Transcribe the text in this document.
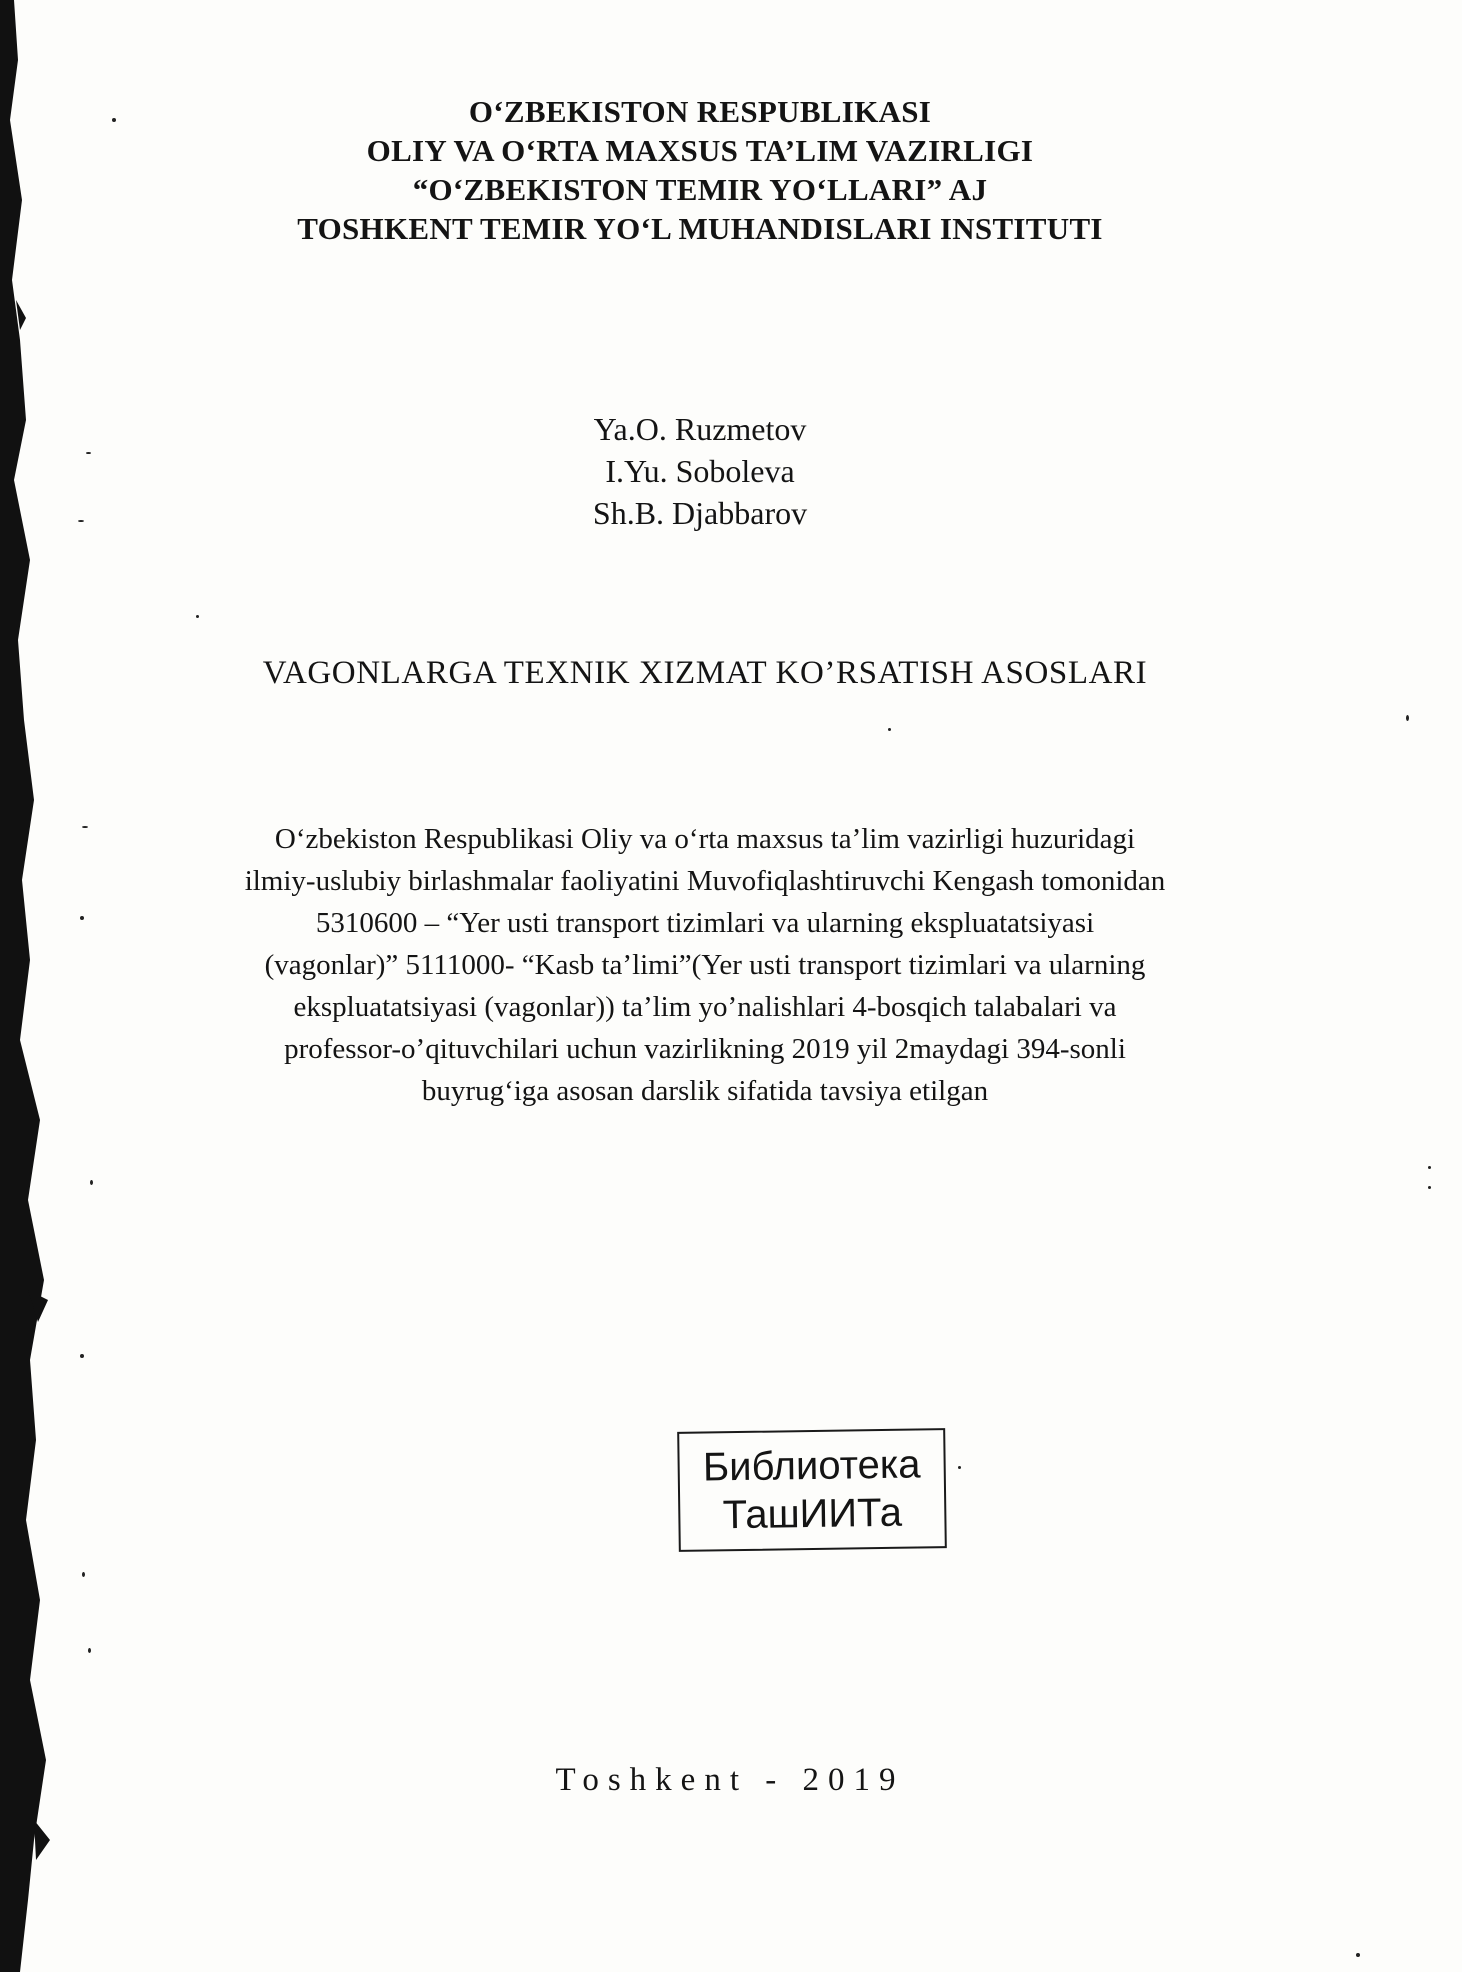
O‘ZBEKISTON RESPUBLIKASI
OLIY VA O‘RTA MAXSUS TA’LIM VAZIRLIGI
“O‘ZBEKISTON TEMIR YO‘LLARI” AJ
TOSHKENT TEMIR YO‘L MUHANDISLARI INSTITUTI
Ya.O. Ruzmetov
I.Yu. Soboleva
Sh.B. Djabbarov
VAGONLARGA TEXNIK XIZMAT KO’RSATISH ASOSLARI
O‘zbekiston Respublikasi Oliy va o‘rta maxsus ta’lim vazirligi huzuridagi
ilmiy-uslubiy birlashmalar faoliyatini Muvofiqlashtiruvchi Kengash tomonidan
5310600 – “Yer usti transport tizimlari va ularning ekspluatatsiyasi
(vagonlar)” 5111000- “Kasb ta’limi”(Yer usti transport tizimlari va ularning
ekspluatatsiyasi (vagonlar)) ta’lim yo’nalishlari 4-bosqich talabalari va
professor-o’qituvchilari uchun vazirlikning 2019 yil 2maydagi 394-sonli
buyrug‘iga asosan darslik sifatida tavsiya etilgan
Библиотека
ТашИИТа
Toshkent - 2019
